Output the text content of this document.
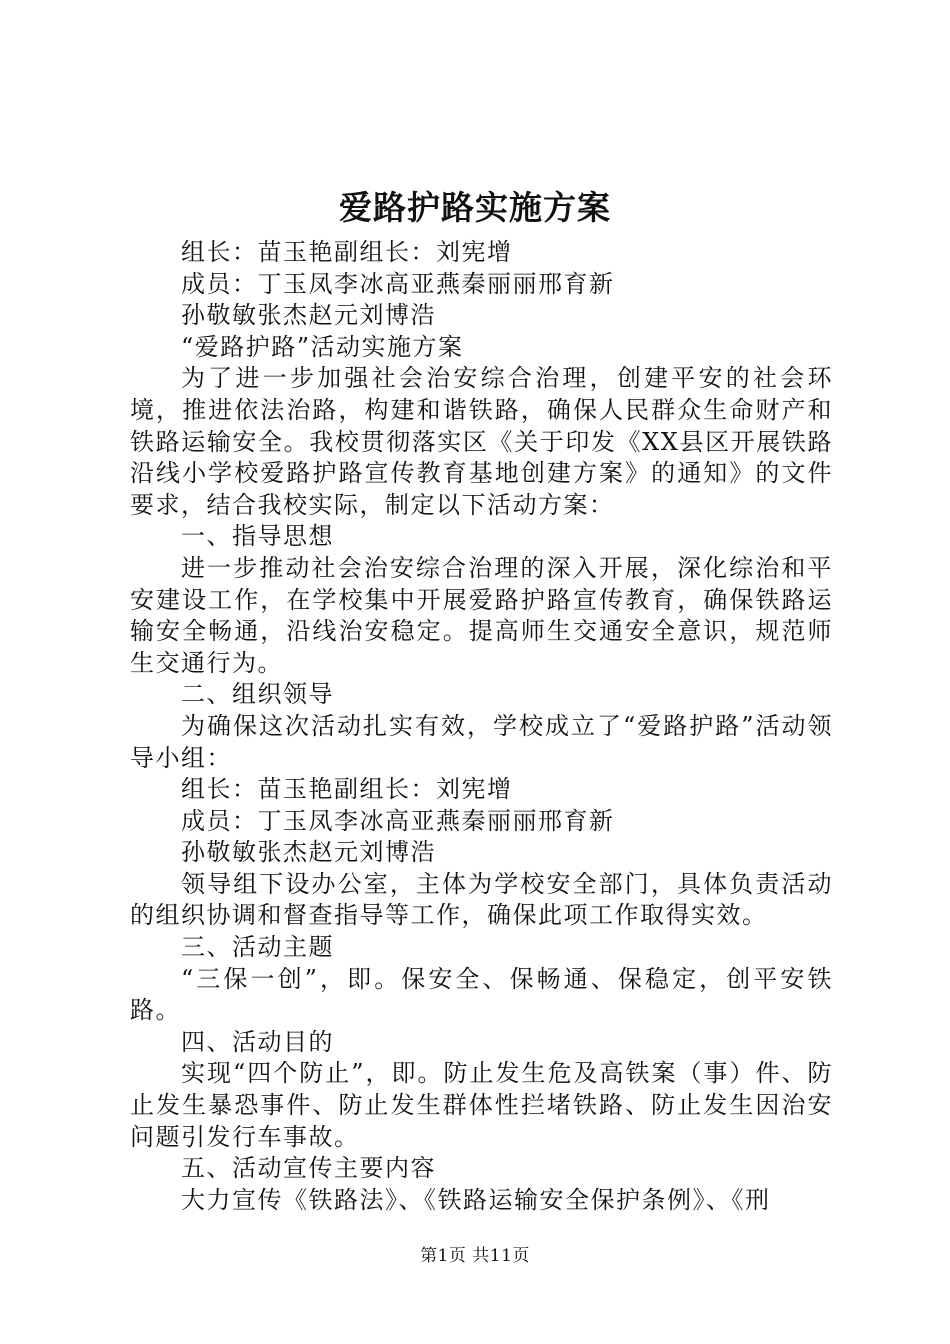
爱路护路实施方案

组长：苗玉艳副组长：刘宪增

成员：丁玉凤李冰高亚燕秦丽丽邢育新

孙敬敏张杰赵元刘博浩

“爱路护路”活动实施方案

为了进一步加强社会治安综合治理，创建平安的社会环境，推进依法治路，构建和谐铁路，确保人民群众生命财产和铁路运输安全。我校贯彻落实区《关于印发《XX县区开展铁路沿线小学校爱路护路宣传教育基地创建方案》的通知》的文件要求，结合我校实际，制定以下活动方案：

一、指导思想

进一步推动社会治安综合治理的深入开展，深化综治和平安建设工作，在学校集中开展爱路护路宣传教育，确保铁路运输安全畅通，沿线治安稳定。提高师生交通安全意识，规范师生交通行为。

二、组织领导

为确保这次活动扎实有效，学校成立了“爱路护路”活动领导小组：

组长：苗玉艳副组长：刘宪增

成员：丁玉凤李冰高亚燕秦丽丽邢育新

孙敬敏张杰赵元刘博浩

领导组下设办公室，主体为学校安全部门，具体负责活动的组织协调和督查指导等工作，确保此项工作取得实效。

三、活动主题

“三保一创”，即。保安全、保畅通、保稳定，创平安铁路。

四、活动目的

实现“四个防止”，即。防止发生危及高铁案（事）件、防止发生暴恐事件、防止发生群体性拦堵铁路、防止发生因治安问题引发行车事故。

五、活动宣传主要内容

大力宣传《铁路法》、《铁路运输安全保护条例》、《刑

第1页 共11页
